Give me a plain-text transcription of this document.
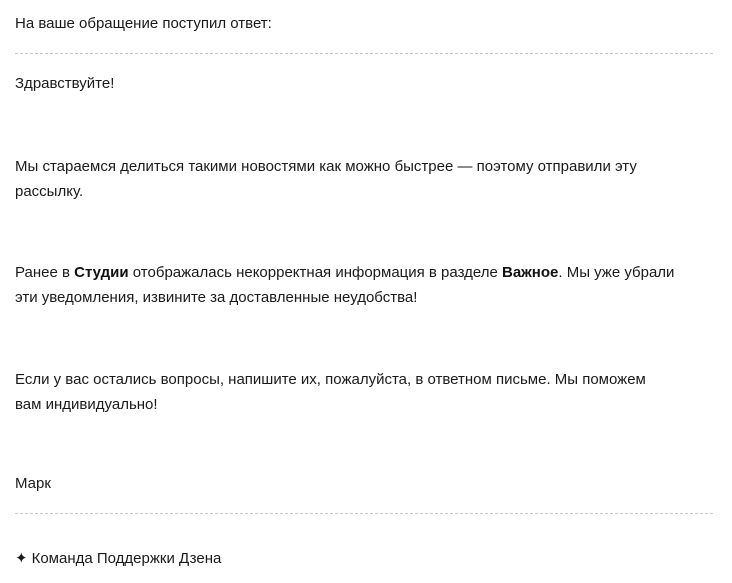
На ваше обращение поступил ответ:
Здравствуйте!
Мы стараемся делиться такими новостями как можно быстрее — поэтому отправили эту
рассылку.
Ранее в Студии отображалась некорректная информация в разделе Важное. Мы уже убрали
эти уведомления, извините за доставленные неудобства!
Если у вас остались вопросы, напишите их, пожалуйста, в ответном письме. Мы поможем
вам индивидуально!
Марк
✦ Команда Поддержки Дзена
